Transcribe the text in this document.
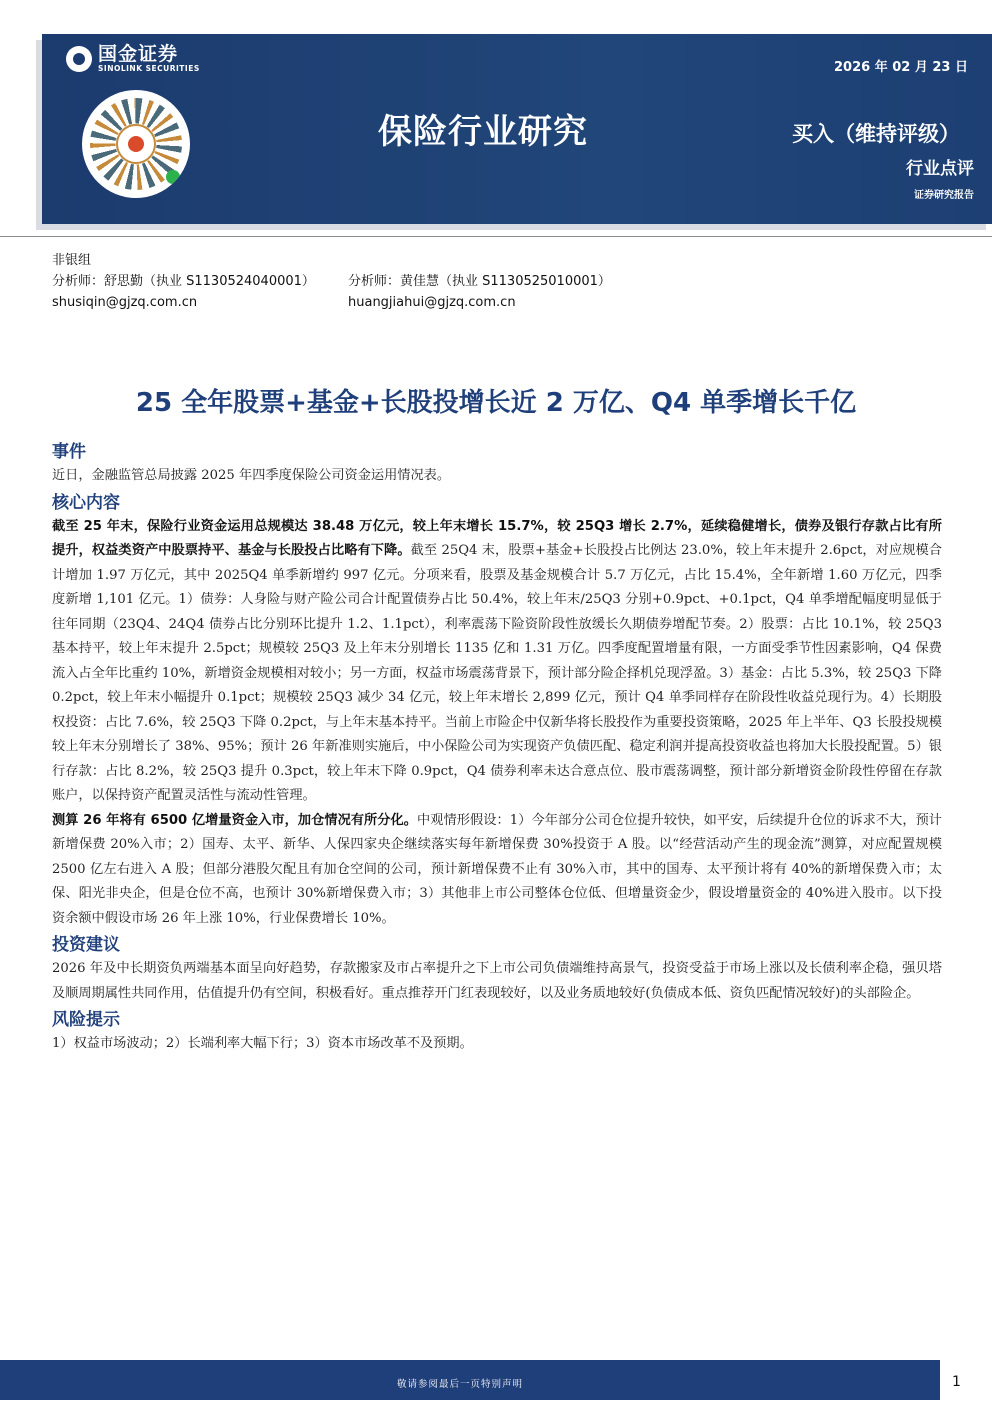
国金证券
SINOLINK SECURITIES	2026 年 02 月 23 日
保险行业研究	买入（维持评级）
行业点评
证券研究报告
非银组
分析师：舒思勤（执业 S1130524040001）	分析师：黄佳慧（执业 S1130525010001）
shusiqin@gjzq.com.cn	huangjiahui@gjzq.com.cn
25 全年股票+基金+长股投增长近 2 万亿、Q4 单季增长千亿
事件
近日，金融监管总局披露 2025 年四季度保险公司资金运用情况表。
核心内容
截至 25 年末，保险行业资金运用总规模达 38.48 万亿元，较上年末增长 15.7%，较 25Q3 增长 2.7%，延续稳健增长，债券及银行存款占比有所提升，权益类资产中股票持平、基金与长股投占比略有下降。截至 25Q4 末，股票+基金+长股投占比例达 23.0%，较上年末提升 2.6pct，对应规模合计增加 1.97 万亿元，其中 2025Q4 单季新增约 997 亿元。分项来看，股票及基金规模合计 5.7 万亿元，占比 15.4%，全年新增 1.60 万亿元，四季度新增 1,101 亿元。1）债券：人身险与财产险公司合计配置债券占比 50.4%，较上年末/25Q3 分别+0.9pct、+0.1pct，Q4 单季增配幅度明显低于往年同期（23Q4、24Q4 债券占比分别环比提升 1.2、1.1pct），利率震荡下险资阶段性放缓长久期债券增配节奏。2）股票：占比 10.1%，较 25Q3 基本持平，较上年末提升 2.5pct；规模较 25Q3 及上年末分别增长 1135 亿和 1.31 万亿。四季度配置增量有限，一方面受季节性因素影响，Q4 保费流入占全年比重约 10%，新增资金规模相对较小；另一方面，权益市场震荡背景下，预计部分险企择机兑现浮盈。3）基金：占比 5.3%，较 25Q3 下降 0.2pct，较上年末小幅提升 0.1pct；规模较 25Q3 减少 34 亿元，较上年末增长 2,899 亿元，预计 Q4 单季同样存在阶段性收益兑现行为。4）长期股权投资：占比 7.6%，较 25Q3 下降 0.2pct，与上年末基本持平。当前上市险企中仅新华将长股投作为重要投资策略，2025 年上半年、Q3 长股投规模较上年末分别增长了 38%、95%；预计 26 年新准则实施后，中小保险公司为实现资产负债匹配、稳定利润并提高投资收益也将加大长股投配置。5）银行存款：占比 8.2%，较 25Q3 提升 0.3pct，较上年末下降 0.9pct，Q4 债券利率未达合意点位、股市震荡调整，预计部分新增资金阶段性停留在存款账户，以保持资产配置灵活性与流动性管理。
测算 26 年将有 6500 亿增量资金入市，加仓情况有所分化。中观情形假设：1）今年部分公司仓位提升较快，如平安，后续提升仓位的诉求不大，预计新增保费 20%入市；2）国寿、太平、新华、人保四家央企继续落实每年新增保费 30%投资于 A 股。以“经营活动产生的现金流”测算，对应配置规模 2500 亿左右进入 A 股；但部分港股欠配且有加仓空间的公司，预计新增保费不止有 30%入市，其中的国寿、太平预计将有 40%的新增保费入市；太保、阳光非央企，但是仓位不高，也预计 30%新增保费入市；3）其他非上市公司整体仓位低、但增量资金少，假设增量资金的 40%进入股市。以下投资余额中假设市场 26 年上涨 10%，行业保费增长 10%。
投资建议
2026 年及中长期资负两端基本面呈向好趋势，存款搬家及市占率提升之下上市公司负债端维持高景气，投资受益于市场上涨以及长债利率企稳，强贝塔及顺周期属性共同作用，估值提升仍有空间，积极看好。重点推荐开门红表现较好，以及业务质地较好(负债成本低、资负匹配情况较好)的头部险企。
风险提示
1）权益市场波动；2）长端利率大幅下行；3）资本市场改革不及预期。
敬请参阅最后一页特别声明	1
